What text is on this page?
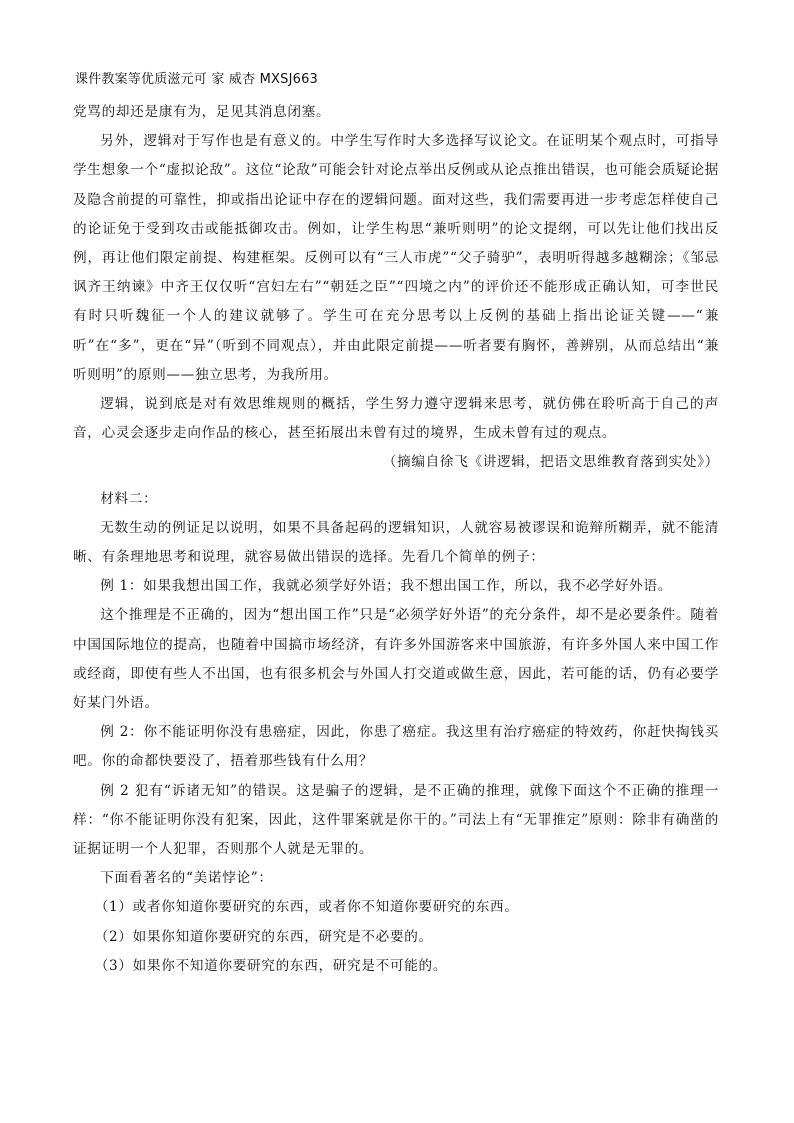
课件教案等优质滋元可 家 威杏 MXSJ663

党骂的却还是康有为，足见其消息闭塞。

另外，逻辑对于写作也是有意义的。中学生写作时大多选择写议论文。在证明某个观点时，可指导学生想象一个“虚拟论敌”。这位“论敌”可能会针对论点举出反例或从论点推出错误，也可能会质疑论据及隐含前提的可靠性，抑或指出论证中存在的逻辑问题。面对这些，我们需要再进一步考虑怎样使自己的论证免于受到攻击或能抵御攻击。例如，让学生构思“兼听则明”的论文提纲，可以先让他们找出反例，再让他们限定前提、构建框架。反例可以有“三人市虎”“父子骑驴”，表明听得越多越糊涂；《邹忌讽齐王纳谏》中齐王仅仅听“宫妇左右”“朝廷之臣”“四境之内”的评价还不能形成正确认知，可李世民有时只听魏征一个人的建议就够了。学生可在充分思考以上反例的基础上指出论证关键——“兼听”在“多”，更在“异”（听到不同观点），并由此限定前提——听者要有胸怀，善辨别，从而总结出“兼听则明”的原则——独立思考，为我所用。

逻辑，说到底是对有效思维规则的概括，学生努力遵守逻辑来思考，就仿佛在聆听高于自己的声音，心灵会逐步走向作品的核心，甚至拓展出未曾有过的境界，生成未曾有过的观点。

（摘编自徐飞《讲逻辑，把语文思维教育落到实处》）

材料二：

无数生动的例证足以说明，如果不具备起码的逻辑知识，人就容易被谬误和诡辩所糊弄，就不能清晰、有条理地思考和说理，就容易做出错误的选择。先看几个简单的例子：

例 1：如果我想出国工作，我就必须学好外语；我不想出国工作，所以，我不必学好外语。

这个推理是不正确的，因为“想出国工作”只是“必须学好外语”的充分条件，却不是必要条件。随着中国国际地位的提高，也随着中国搞市场经济，有许多外国游客来中国旅游，有许多外国人来中国工作或经商，即使有些人不出国，也有很多机会与外国人打交道或做生意，因此，若可能的话，仍有必要学好某门外语。

例 2：你不能证明你没有患癌症，因此，你患了癌症。我这里有治疗癌症的特效药，你赶快掏钱买吧。你的命都快要没了，捂着那些钱有什么用？

例 2 犯有“诉诸无知”的错误。这是骗子的逻辑，是不正确的推理，就像下面这个不正确的推理一样：“你不能证明你没有犯案，因此，这件罪案就是你干的。”司法上有“无罪推定”原则：除非有确凿的证据证明一个人犯罪，否则那个人就是无罪的。

下面看著名的“美诺悖论”：

（1）或者你知道你要研究的东西，或者你不知道你要研究的东西。

（2）如果你知道你要研究的东西，研究是不必要的。

（3）如果你不知道你要研究的东西，研究是不可能的。
